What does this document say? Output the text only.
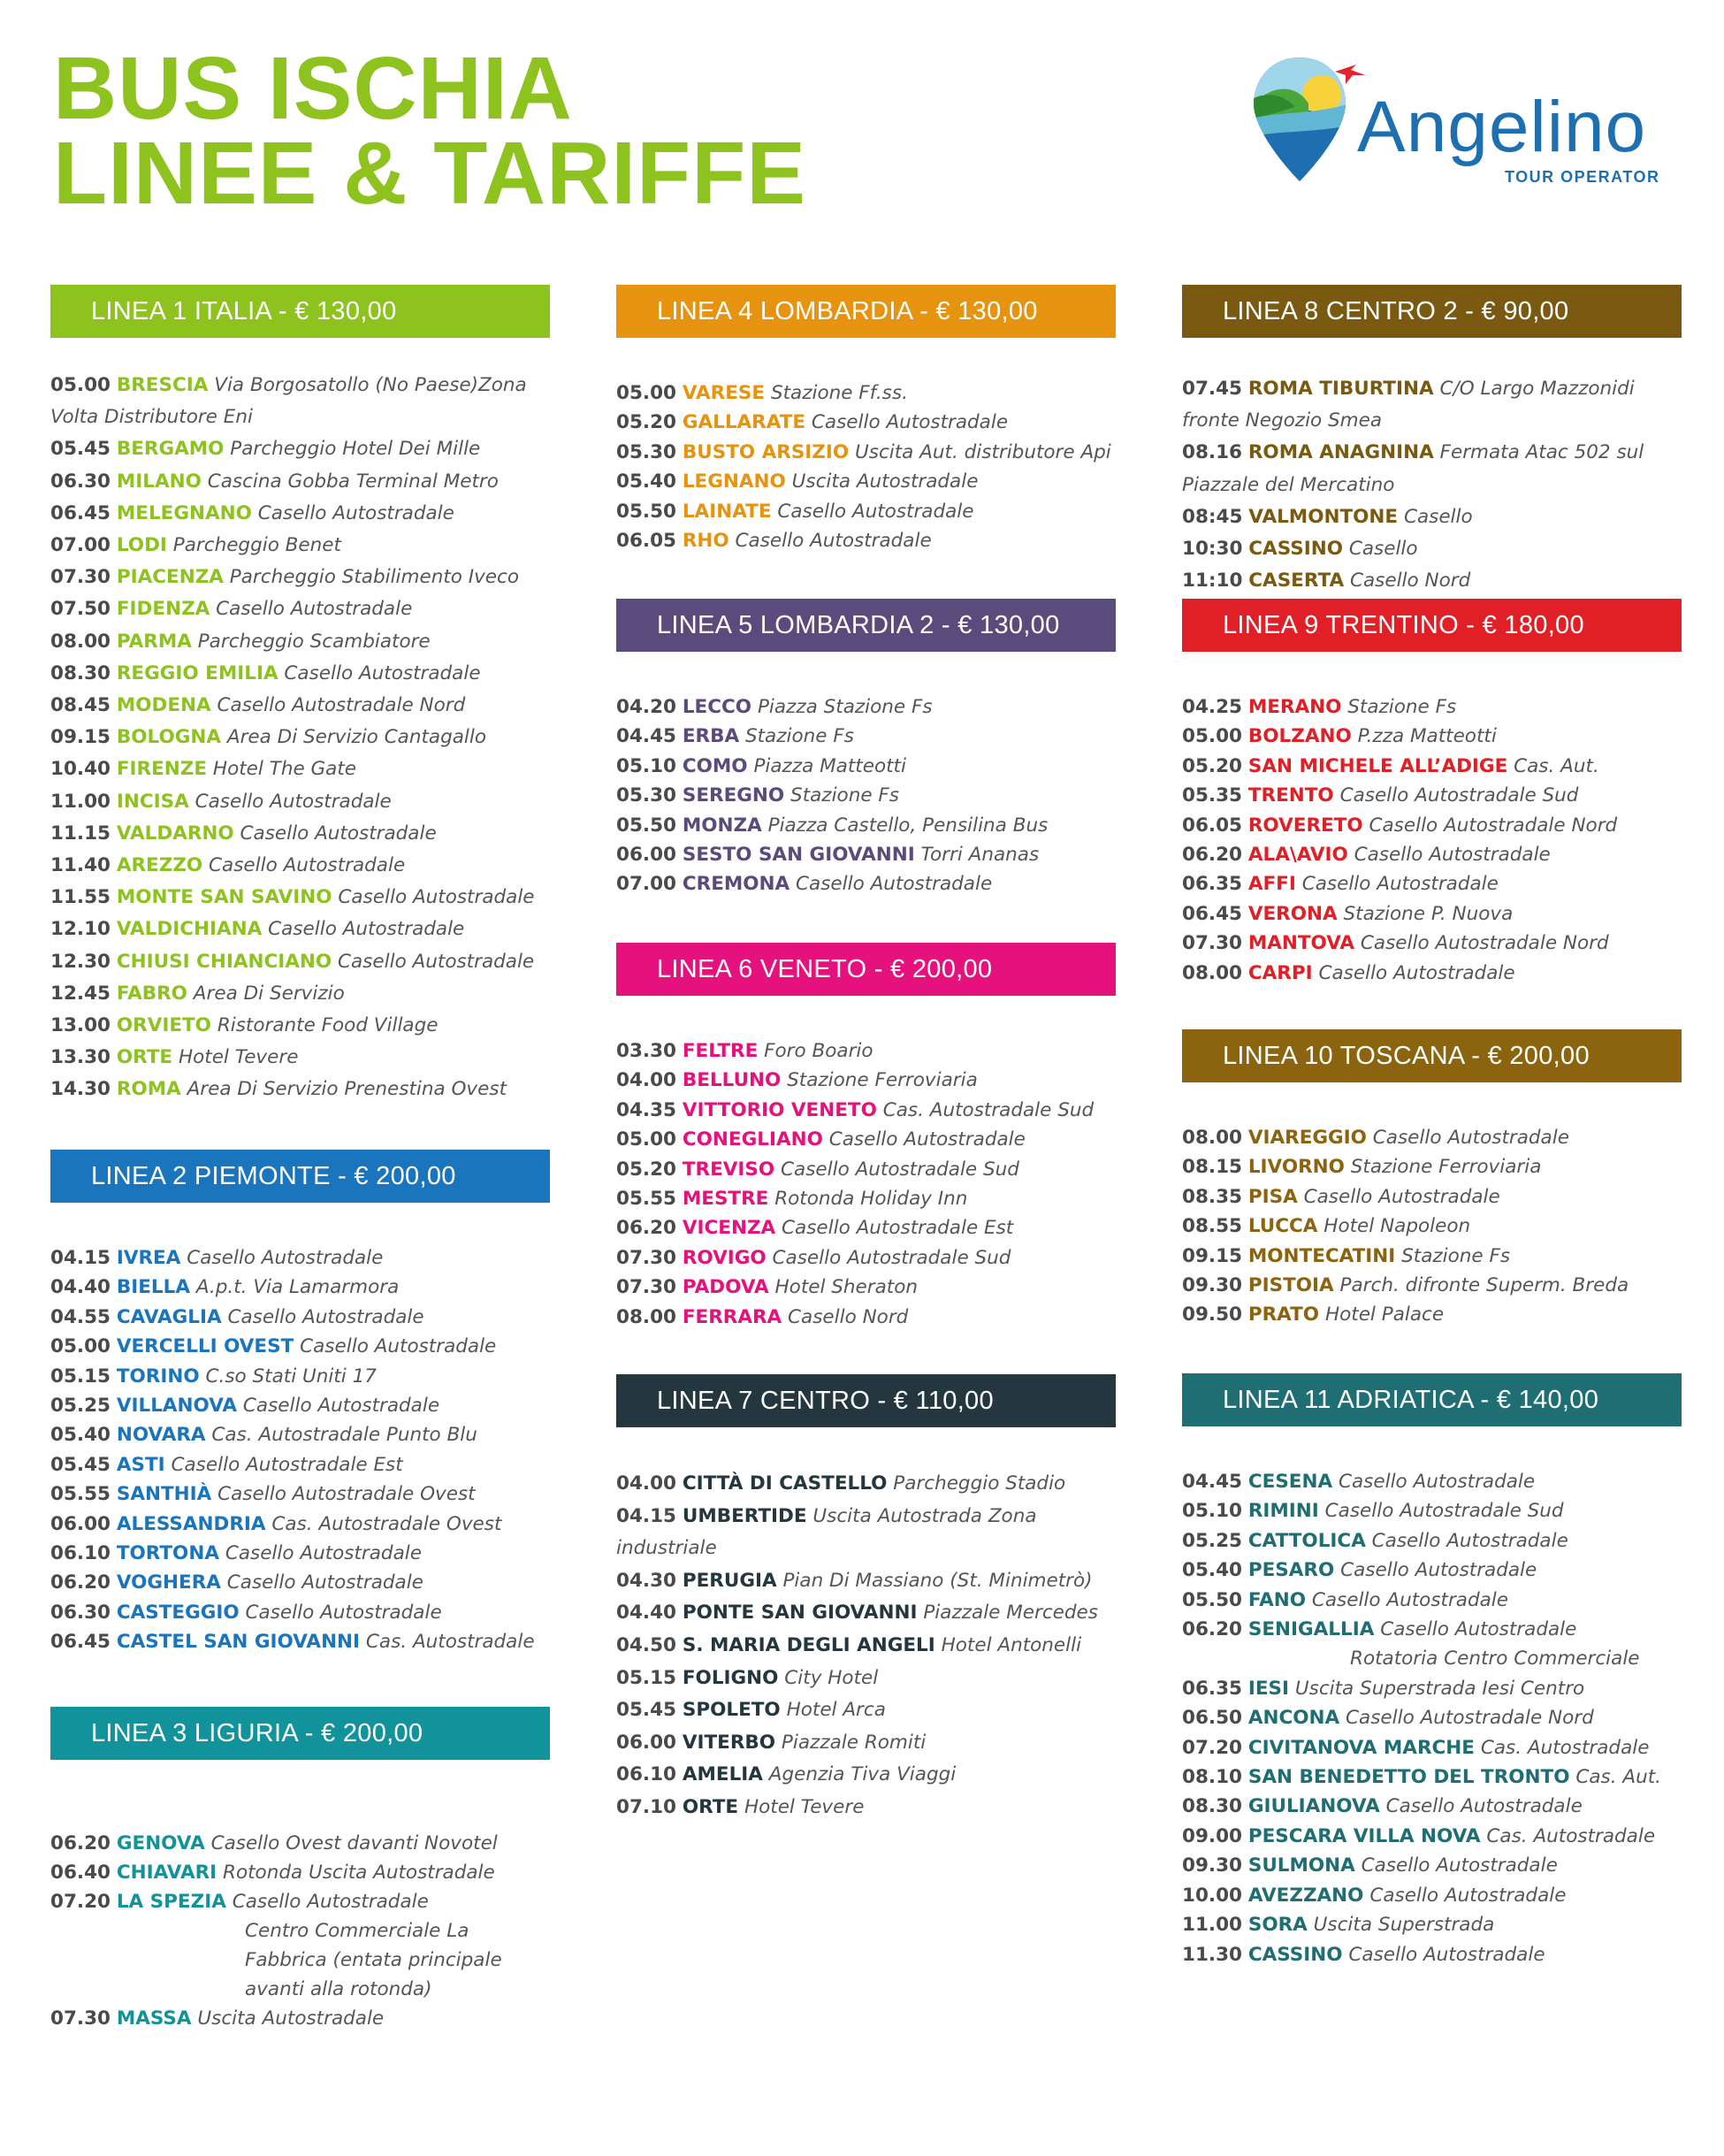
BUS ISCHIA
LINEE & TARIFFE	Angelino
TOUR OPERATOR
LINEA 1 ITALIA - € 130,00
05.00 BRESCIA Via Borgosatollo (No Paese)Zona Volta Distributore Eni
05.45 BERGAMO Parcheggio Hotel Dei Mille
06.30 MILANO Cascina Gobba Terminal Metro
06.45 MELEGNANO Casello Autostradale
07.00 LODI Parcheggio Benet
07.30 PIACENZA Parcheggio Stabilimento Iveco
07.50 FIDENZA Casello Autostradale
08.00 PARMA Parcheggio Scambiatore
08.30 REGGIO EMILIA Casello Autostradale
08.45 MODENA Casello Autostradale Nord
09.15 BOLOGNA Area Di Servizio Cantagallo
10.40 FIRENZE Hotel The Gate
11.00 INCISA Casello Autostradale
11.15 VALDARNO Casello Autostradale
11.40 AREZZO Casello Autostradale
11.55 MONTE SAN SAVINO Casello Autostradale
12.10 VALDICHIANA Casello Autostradale
12.30 CHIUSI CHIANCIANO Casello Autostradale
12.45 FABRO Area Di Servizio
13.00 ORVIETO Ristorante Food Village
13.30 ORTE Hotel Tevere
14.30 ROMA Area Di Servizio Prenestina Ovest
LINEA 2 PIEMONTE - € 200,00
04.15 IVREA Casello Autostradale
04.40 BIELLA A.p.t. Via Lamarmora
04.55 CAVAGLIA Casello Autostradale
05.00 VERCELLI OVEST Casello Autostradale
05.15 TORINO C.so Stati Uniti 17
05.25 VILLANOVA Casello Autostradale
05.40 NOVARA Cas. Autostradale Punto Blu
05.45 ASTI Casello Autostradale Est
05.55 SANTHIÀ Casello Autostradale Ovest
06.00 ALESSANDRIA Cas. Autostradale Ovest
06.10 TORTONA Casello Autostradale
06.20 VOGHERA Casello Autostradale
06.30 CASTEGGIO Casello Autostradale
06.45 CASTEL SAN GIOVANNI Cas. Autostradale
LINEA 3 LIGURIA - € 200,00
06.20 GENOVA Casello Ovest davanti Novotel
06.40 CHIAVARI Rotonda Uscita Autostradale
07.20 LA SPEZIA Casello Autostradale
Centro Commerciale La Fabbrica (entata principale avanti alla rotonda)
07.30 MASSA Uscita Autostradale
LINEA 4 LOMBARDIA - € 130,00
05.00 VARESE Stazione Ff.ss.
05.20 GALLARATE Casello Autostradale
05.30 BUSTO ARSIZIO Uscita Aut. distributore Api
05.40 LEGNANO Uscita Autostradale
05.50 LAINATE Casello Autostradale
06.05 RHO Casello Autostradale
LINEA 5 LOMBARDIA 2 - € 130,00
04.20 LECCO Piazza Stazione Fs
04.45 ERBA Stazione Fs
05.10 COMO Piazza Matteotti
05.30 SEREGNO Stazione Fs
05.50 MONZA Piazza Castello, Pensilina Bus
06.00 SESTO SAN GIOVANNI Torri Ananas
07.00 CREMONA Casello Autostradale
LINEA 6 VENETO - € 200,00
03.30 FELTRE Foro Boario
04.00 BELLUNO Stazione Ferroviaria
04.35 VITTORIO VENETO Cas. Autostradale Sud
05.00 CONEGLIANO Casello Autostradale
05.20 TREVISO Casello Autostradale Sud
05.55 MESTRE Rotonda Holiday Inn
06.20 VICENZA Casello Autostradale Est
07.30 ROVIGO Casello Autostradale Sud
07.30 PADOVA Hotel Sheraton
08.00 FERRARA Casello Nord
LINEA 7 CENTRO - € 110,00
04.00 CITTÀ DI CASTELLO Parcheggio Stadio
04.15 UMBERTIDE Uscita Autostrada Zona industriale
04.30 PERUGIA Pian Di Massiano (St. Minimetrò)
04.40 PONTE SAN GIOVANNI Piazzale Mercedes
04.50 S. MARIA DEGLI ANGELI Hotel Antonelli
05.15 FOLIGNO City Hotel
05.45 SPOLETO Hotel Arca
06.00 VITERBO Piazzale Romiti
06.10 AMELIA Agenzia Tiva Viaggi
07.10 ORTE Hotel Tevere
LINEA 8 CENTRO 2 - € 90,00
07.45 ROMA TIBURTINA C/O Largo Mazzonidi fronte Negozio Smea
08.16 ROMA ANAGNINA Fermata Atac 502 sul Piazzale del Mercatino
08:45 VALMONTONE Casello
10:30 CASSINO Casello
11:10 CASERTA Casello Nord
LINEA 9 TRENTINO - € 180,00
04.25 MERANO Stazione Fs
05.00 BOLZANO P.zza Matteotti
05.20 SAN MICHELE ALL’ADIGE Cas. Aut.
05.35 TRENTO Casello Autostradale Sud
06.05 ROVERETO Casello Autostradale Nord
06.20 ALA\AVIO Casello Autostradale
06.35 AFFI Casello Autostradale
06.45 VERONA Stazione P. Nuova
07.30 MANTOVA Casello Autostradale Nord
08.00 CARPI Casello Autostradale
LINEA 10 TOSCANA - € 200,00
08.00 VIAREGGIO Casello Autostradale
08.15 LIVORNO Stazione Ferroviaria
08.35 PISA Casello Autostradale
08.55 LUCCA Hotel Napoleon
09.15 MONTECATINI Stazione Fs
09.30 PISTOIA Parch. difronte Superm. Breda
09.50 PRATO Hotel Palace
LINEA 11 ADRIATICA - € 140,00
04.45 CESENA Casello Autostradale
05.10 RIMINI Casello Autostradale Sud
05.25 CATTOLICA Casello Autostradale
05.40 PESARO Casello Autostradale
05.50 FANO Casello Autostradale
06.20 SENIGALLIA Casello Autostradale
Rotatoria Centro Commerciale
06.35 IESI Uscita Superstrada Iesi Centro
06.50 ANCONA Casello Autostradale Nord
07.20 CIVITANOVA MARCHE Cas. Autostradale
08.10 SAN BENEDETTO DEL TRONTO Cas. Aut.
08.30 GIULIANOVA Casello Autostradale
09.00 PESCARA VILLA NOVA Cas. Autostradale
09.30 SULMONA Casello Autostradale
10.00 AVEZZANO Casello Autostradale
11.00 SORA Uscita Superstrada
11.30 CASSINO Casello Autostradale
